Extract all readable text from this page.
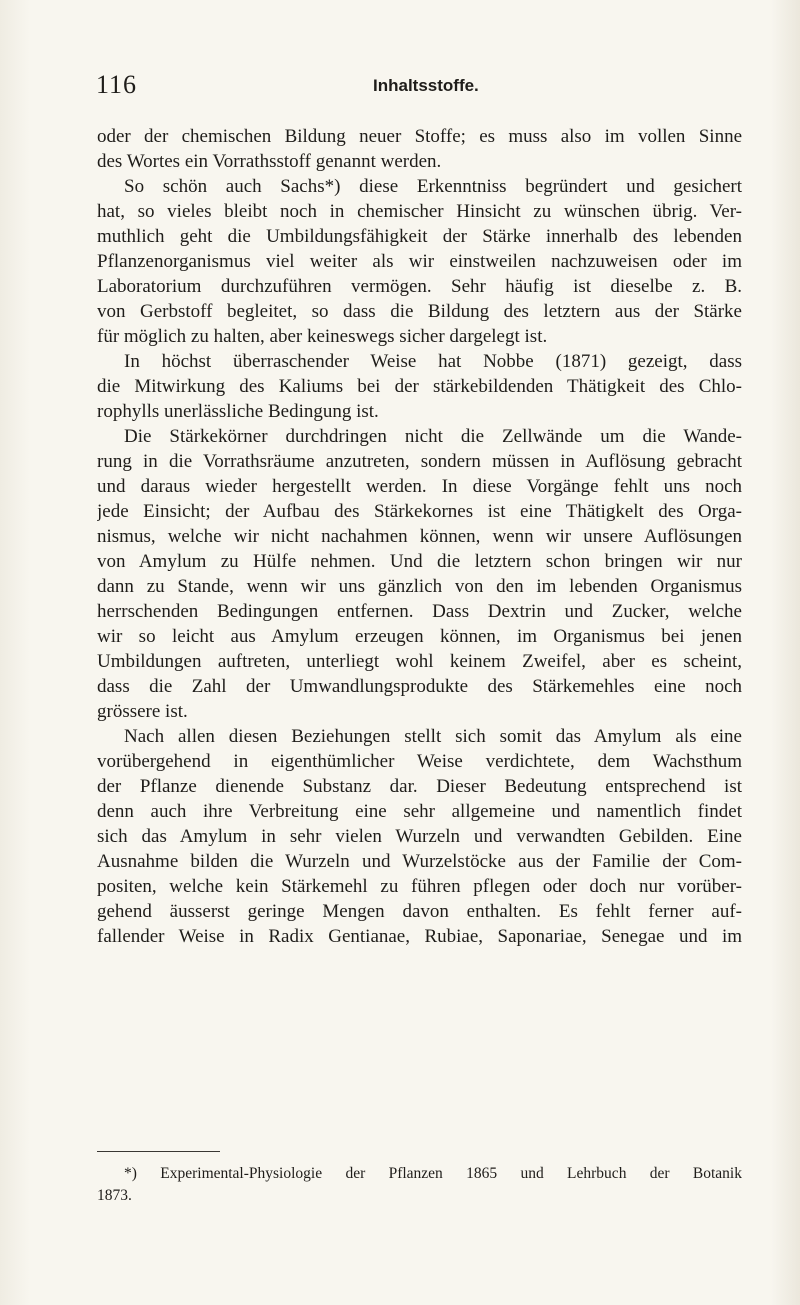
116	Inhaltsstoffe.
oder der chemischen Bildung neuer Stoffe; es muss also im vollen Sinne
des Wortes ein Vorrathsstoff genannt werden.
So schön auch Sachs*) diese Erkenntniss begründert und gesichert
hat, so vieles bleibt noch in chemischer Hinsicht zu wünschen übrig. Ver-
muthlich geht die Umbildungsfähigkeit der Stärke innerhalb des lebenden
Pflanzenorganismus viel weiter als wir einstweilen nachzuweisen oder im
Laboratorium durchzuführen vermögen. Sehr häufig ist dieselbe z. B.
von Gerbstoff begleitet, so dass die Bildung des letztern aus der Stärke
für möglich zu halten, aber keineswegs sicher dargelegt ist.
In höchst überraschender Weise hat Nobbe (1871) gezeigt, dass
die Mitwirkung des Kaliums bei der stärkebildenden Thätigkeit des Chlo-
rophylls unerlässliche Bedingung ist.
Die Stärkekörner durchdringen nicht die Zellwände um die Wande-
rung in die Vorrathsräume anzutreten, sondern müssen in Auflösung gebracht
und daraus wieder hergestellt werden. In diese Vorgänge fehlt uns noch
jede Einsicht; der Aufbau des Stärkekornes ist eine Thätigkelt des Orga-
nismus, welche wir nicht nachahmen können, wenn wir unsere Auflösungen
von Amylum zu Hülfe nehmen. Und die letztern schon bringen wir nur
dann zu Stande, wenn wir uns gänzlich von den im lebenden Organismus
herrschenden Bedingungen entfernen. Dass Dextrin und Zucker, welche
wir so leicht aus Amylum erzeugen können, im Organismus bei jenen
Umbildungen auftreten, unterliegt wohl keinem Zweifel, aber es scheint,
dass die Zahl der Umwandlungsprodukte des Stärkemehles eine noch
grössere ist.
Nach allen diesen Beziehungen stellt sich somit das Amylum als eine
vorübergehend in eigenthümlicher Weise verdichtete, dem Wachsthum
der Pflanze dienende Substanz dar. Dieser Bedeutung entsprechend ist
denn auch ihre Verbreitung eine sehr allgemeine und namentlich findet
sich das Amylum in sehr vielen Wurzeln und verwandten Gebilden. Eine
Ausnahme bilden die Wurzeln und Wurzelstöcke aus der Familie der Com-
positen, welche kein Stärkemehl zu führen pflegen oder doch nur vorüber-
gehend äusserst geringe Mengen davon enthalten. Es fehlt ferner auf-
fallender Weise in Radix Gentianae, Rubiae, Saponariae, Senegae und im
*) Experimental-Physiologie der Pflanzen 1865 und Lehrbuch der Botanik
1873.
